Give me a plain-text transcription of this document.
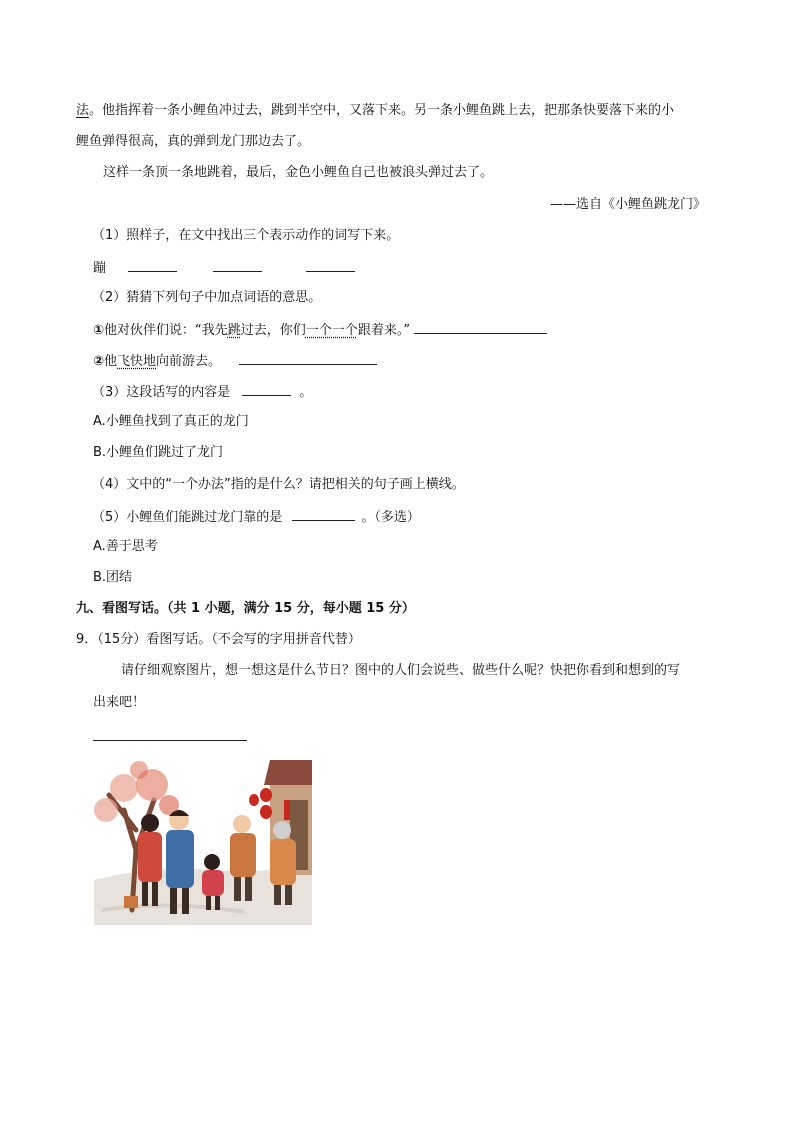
法。他指挥着一条小鲤鱼冲过去，跳到半空中，又落下来。另一条小鲤鱼跳上去，把那条快要落下来的小
鲤鱼弹得很高，真的弹到龙门那边去了。
这样一条顶一条地跳着，最后，金色小鲤鱼自己也被浪头弹过去了。
——选自《小鲤鱼跳龙门》
（1）照样子，在文中找出三个表示动作的词写下来。
蹦
（2）猜猜下列句子中加点词语的意思。
①他对伙伴们说：“我先跳过去，你们一个一个跟着来。”
②他飞快地向前游去。
（3）这段话写的内容是	。
A.小鲤鱼找到了真正的龙门
B.小鲤鱼们跳过了龙门
（4）文中的“一个办法”指的是什么？请把相关的句子画上横线。
（5）小鲤鱼们能跳过龙门靠的是	。（多选）
A.善于思考
B.团结
九、看图写话。（共 1 小题，满分 15 分，每小题 15 分）
9．（15分）看图写话。（不会写的字用拼音代替）
请仔细观察图片，想一想这是什么节日？图中的人们会说些、做些什么呢？快把你看到和想到的写
出来吧！
